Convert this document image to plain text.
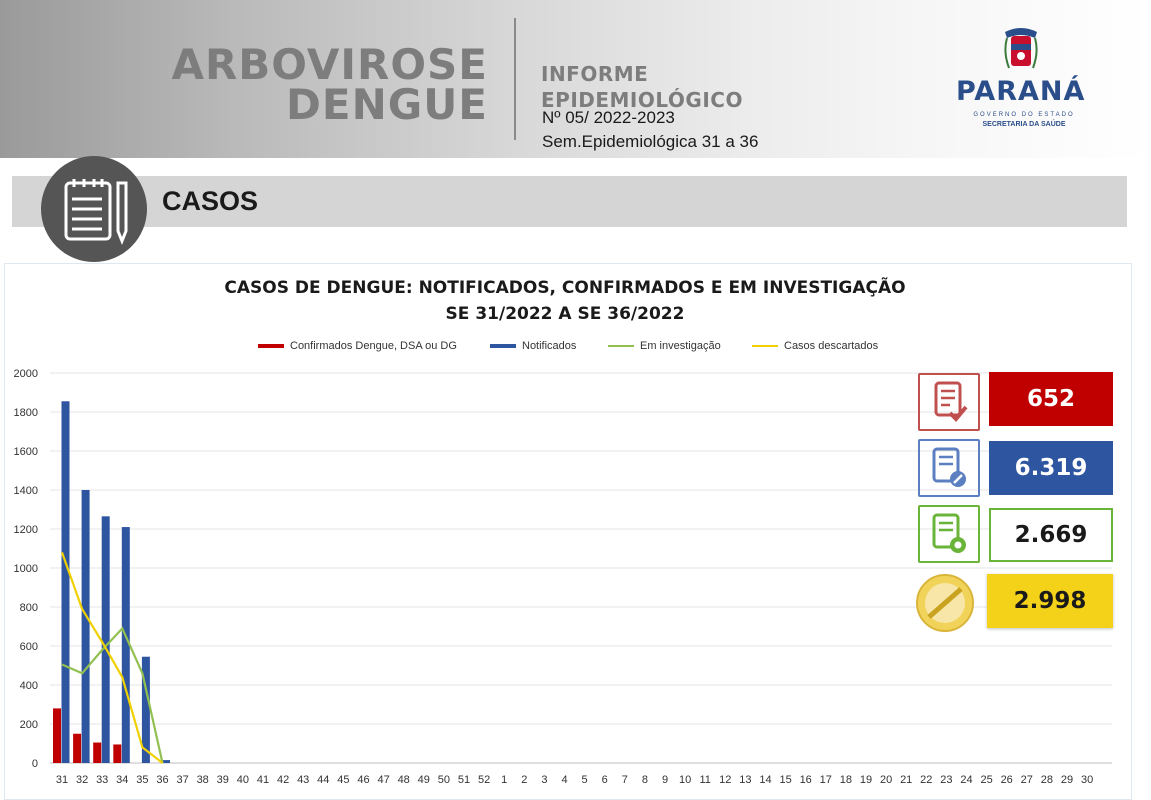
ARBOVIROSE
DENGUE
INFORME
EPIDEMIOLÓGICO
Nº 05/ 2022-2023
Sem.Epidemiológica 31 a 36
PARANÁ
GOVERNO DO ESTADO
SECRETARIA DA SAÚDE
CASOS
CASOS DE DENGUE: NOTIFICADOS, CONFIRMADOS E EM INVESTIGAÇÃO
SE 31/2022 A SE 36/2022
Confirmados Dengue, DSA ou DG	Notificados	Em investigação	Casos descartados
0
200
400
600
800
1000
1200
1400
1600
1800
2000
31 32 33 34 35 36 37 38 39 40 41 42 43 44 45 46 47 48 49 50 51 52 1 2 3 4 5 6 7 8 9 10 11 12 13 14 15 16 17 18 19 20 21 22 23 24 25 26 27 28 29 30
652
6.319
2.669
2.998
